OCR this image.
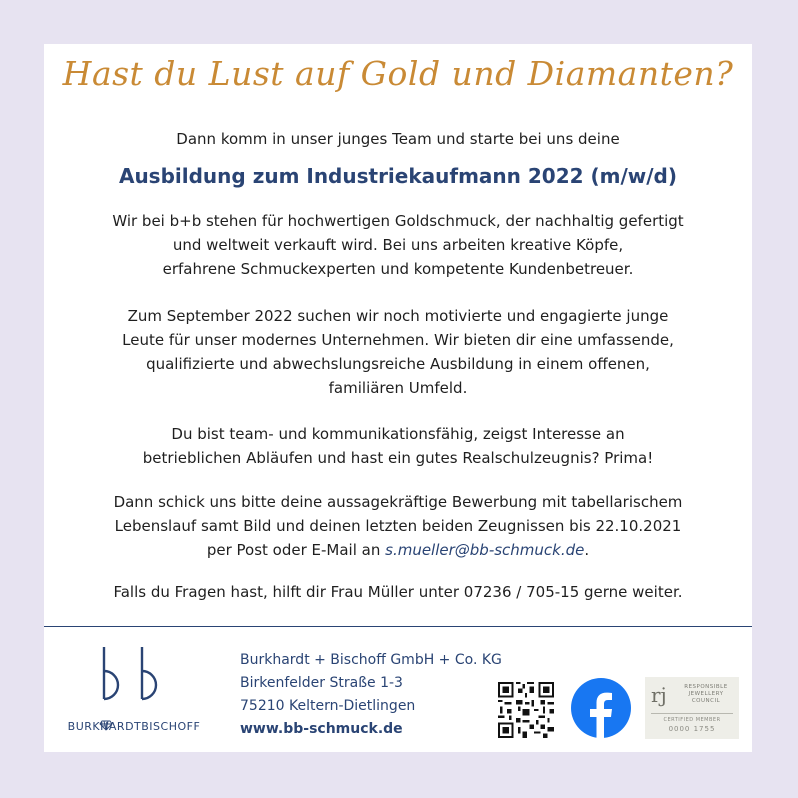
Hast du Lust auf Gold und Diamanten?
Dann komm in unser junges Team und starte bei uns deine
Ausbildung zum Industriekaufmann 2022 (m/w/d)
Wir bei b+b stehen für hochwertigen Goldschmuck, der nachhaltig gefertigt
und weltweit verkauft wird. Bei uns arbeiten kreative Köpfe,
erfahrene Schmuckexperten und kompetente Kundenbetreuer.
Zum September 2022 suchen wir noch motivierte und engagierte junge
Leute für unser modernes Unternehmen. Wir bieten dir eine umfassende,
qualifizierte und abwechslungsreiche Ausbildung in einem offenen,
familiären Umfeld.
Du bist team- und kommunikationsfähig, zeigst Interesse an
betrieblichen Abläufen und hast ein gutes Realschulzeugnis? Prima!
Dann schick uns bitte deine aussagekräftige Bewerbung mit tabellarischem
Lebenslauf samt Bild und deinen letzten beiden Zeugnissen bis 22.10.2021
per Post oder E-Mail an s.mueller@bb-schmuck.de.
Falls du Fragen hast, hilft dir Frau Müller unter 07236 / 705-15 gerne weiter.
BURKHARDT
BISCHOFF
Burkhardt + Bischoff GmbH + Co. KG
Birkenfelder Straße 1-3
75210 Keltern-Dietlingen
www.bb-schmuck.de
rj	RESPONSIBLE
JEWELLERY
COUNCIL
CERTIFIED MEMBER
0000 1755
